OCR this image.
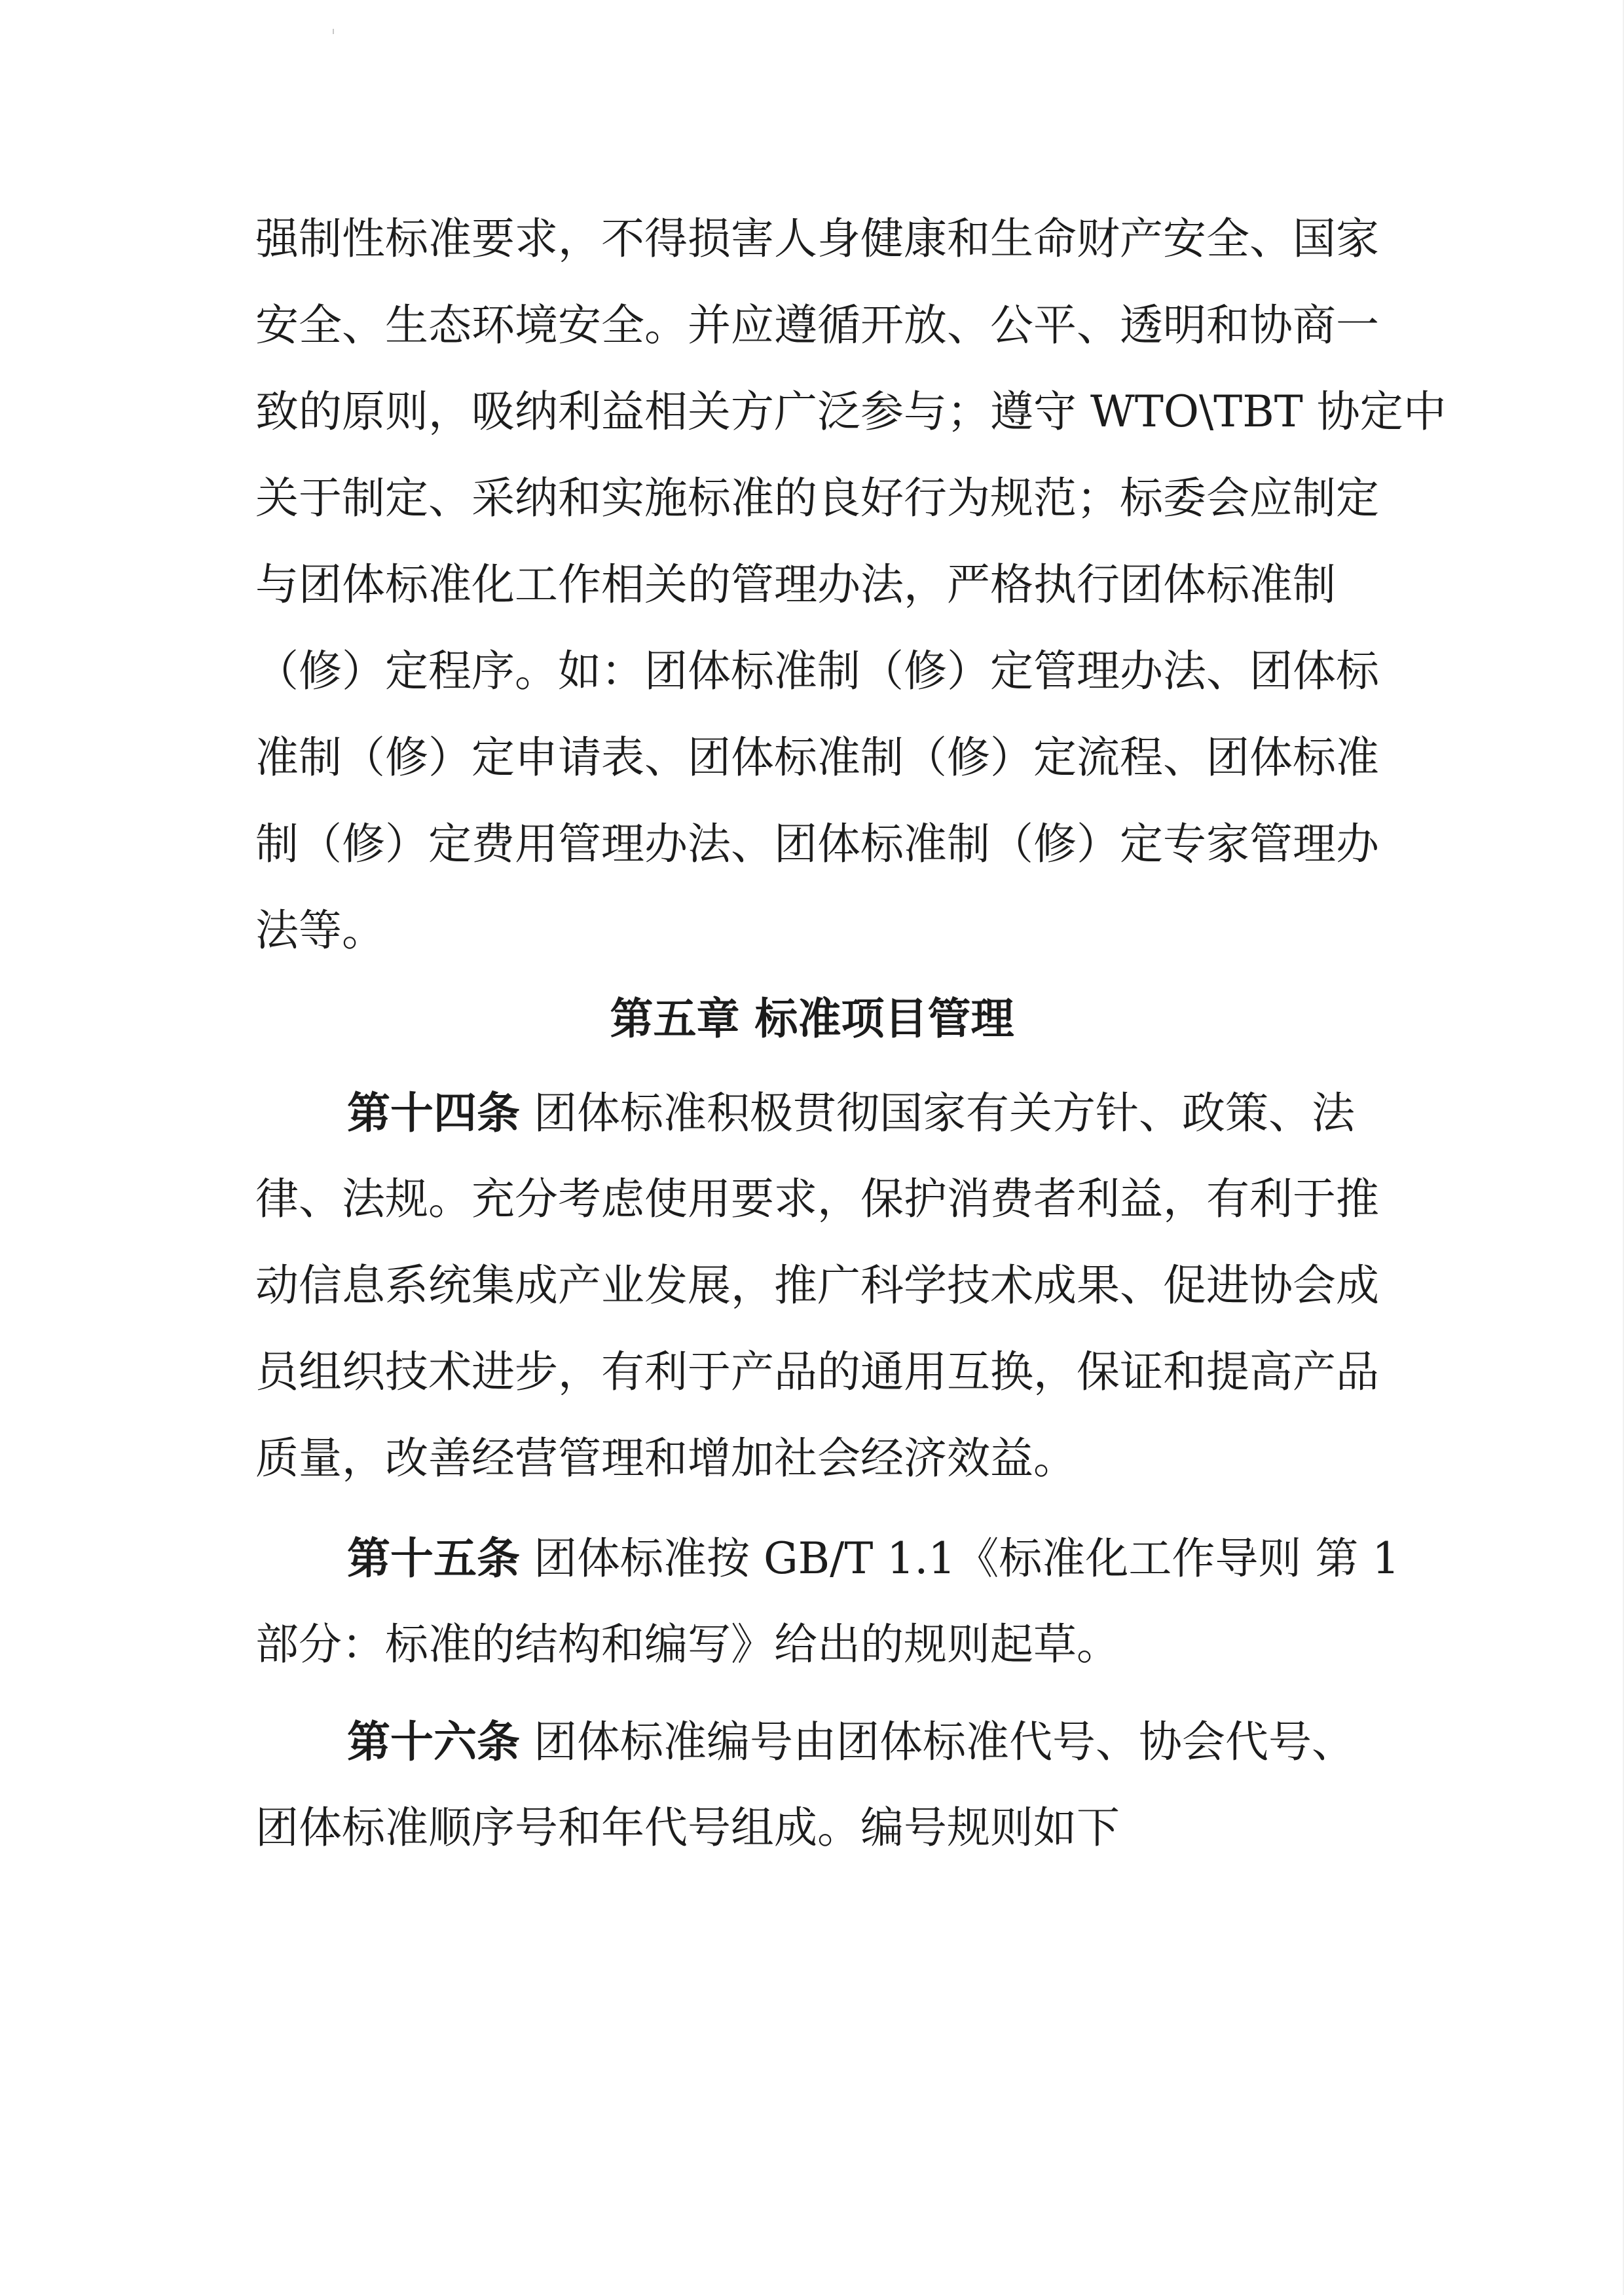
强制性标准要求，不得损害人身健康和生命财产安全、国家
安全、生态环境安全。并应遵循开放、公平、透明和协商一
致的原则，吸纳利益相关方广泛参与；遵守 WTO\TBT 协定中
关于制定、采纳和实施标准的良好行为规范；标委会应制定
与团体标准化工作相关的管理办法，严格执行团体标准制
（修）定程序。如：团体标准制（修）定管理办法、团体标
准制（修）定申请表、团体标准制（修）定流程、团体标准
制（修）定费用管理办法、团体标准制（修）定专家管理办
法等。
第五章 标准项目管理
第十四条 团体标准积极贯彻国家有关方针、政策、法
律、法规。充分考虑使用要求，保护消费者利益，有利于推
动信息系统集成产业发展，推广科学技术成果、促进协会成
员组织技术进步，有利于产品的通用互换，保证和提高产品
质量，改善经营管理和增加社会经济效益。
第十五条 团体标准按 GB/T 1.1《标准化工作导则 第 1
部分：标准的结构和编写》给出的规则起草。
第十六条 团体标准编号由团体标准代号、协会代号、
团体标准顺序号和年代号组成。编号规则如下
